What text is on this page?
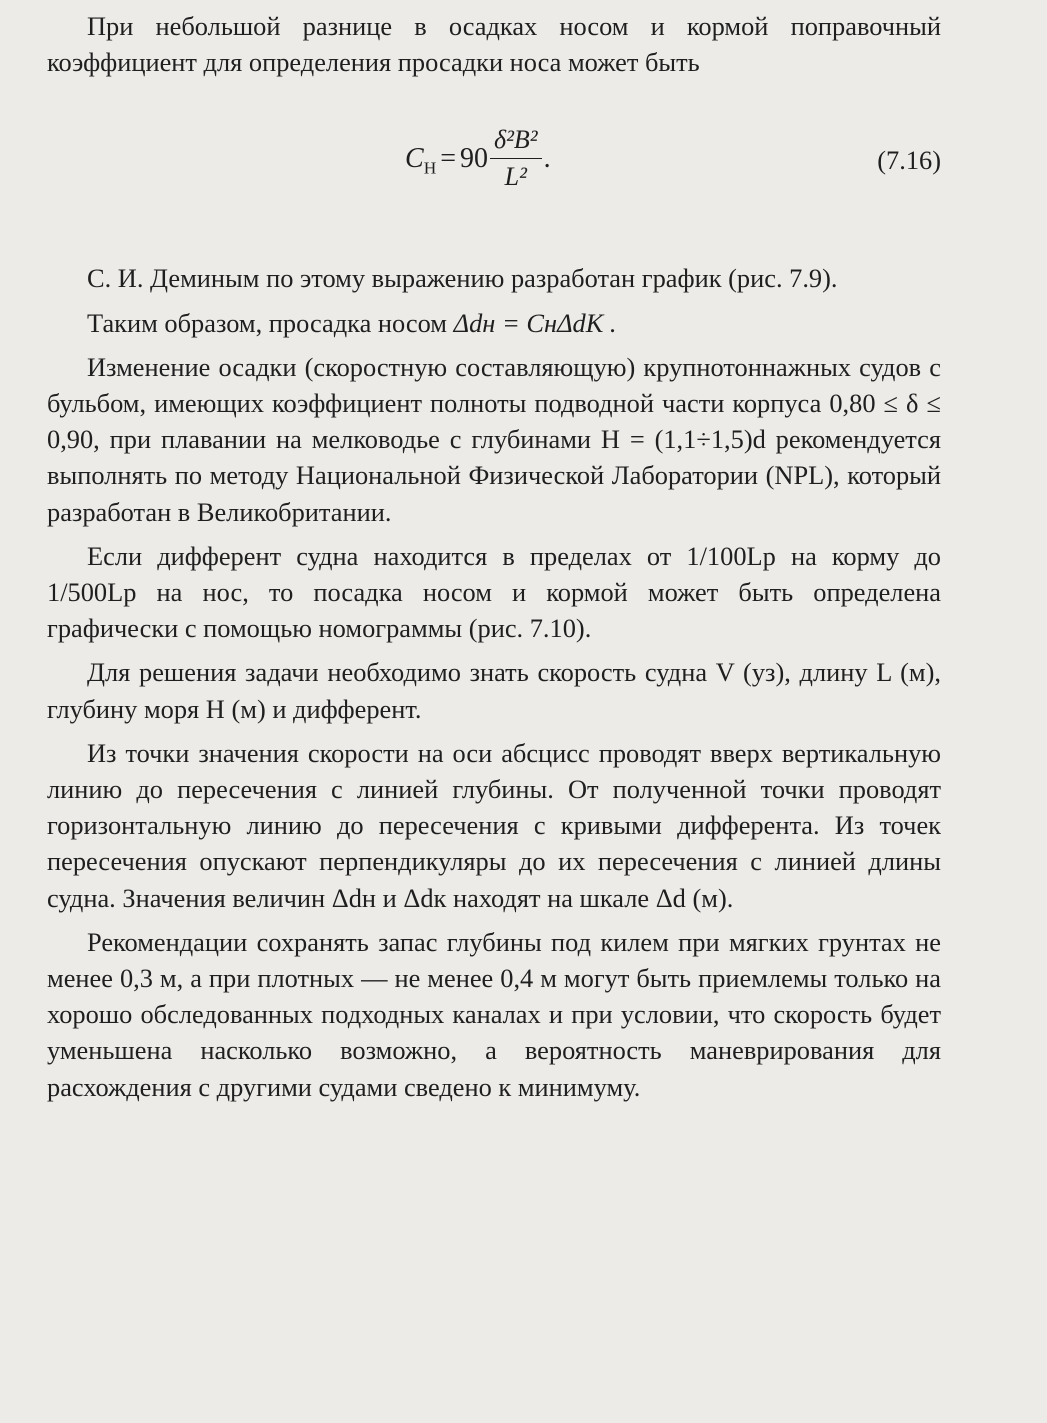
При небольшой разнице в осадках носом и кормой поправочный коэффициент для определения просадки носа может быть

$C_Н = 90 \frac{\text{δ²B²}}{\text{L²}}$ .	(7.16)

С. И. Деминым по этому выражению разработан график (рис. 7.9).

Таким образом, просадка носом Δdн = CнΔdК .

Изменение осадки (скоростную составляющую) крупнотоннажных судов с бульбом, имеющих коэффициент полноты подводной части корпуса 0,80 ≤ δ ≤ 0,90, при плавании на мелководье с глубинами H = (1,1÷1,5)d рекомендуется выполнять по методу Национальной Физической Лаборатории (NPL), который разработан в Великобритании.

Если дифферент судна находится в пределах от 1/100Lp на корму до 1/500Lp на нос, то посадка носом и кормой может быть определена графически с помощью номограммы (рис. 7.10).

Для решения задачи необходимо знать скорость судна V (уз), длину L (м), глубину моря H (м) и дифферент.

Из точки значения скорости на оси абсцисс проводят вверх вертикальную линию до пересечения с линией глубины. От полученной точки проводят горизонтальную линию до пересечения с кривыми дифферента. Из точек пересечения опускают перпендикуляры до их пересечения с линией длины судна. Значения величин Δdн и Δdк находят на шкале Δd (м).

Рекомендации сохранять запас глубины под килем при мягких грунтах не менее 0,3 м, а при плотных — не менее 0,4 м могут быть приемлемы только на хорошо обследованных подходных каналах и при условии, что скорость будет уменьшена насколько возможно, а вероятность маневрирования для расхождения с другими судами сведено к минимуму.
